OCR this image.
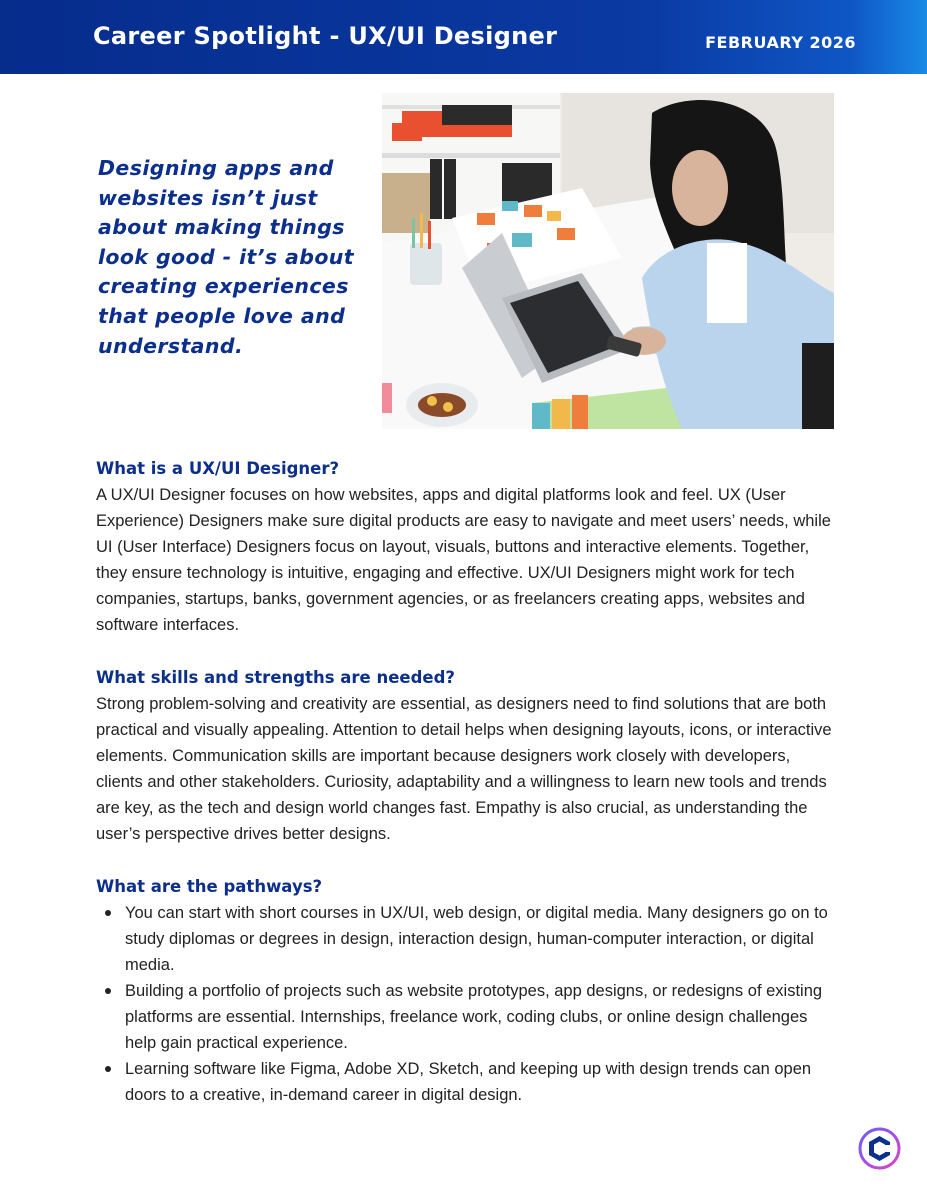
Career Spotlight - UX/UI Designer	FEBRUARY 2026
Designing apps and websites isn’t just about making things look good - it’s about creating experiences that people love and understand.
What is a UX/UI Designer?

A UX/UI Designer focuses on how websites, apps and digital platforms look and feel. UX (User Experience) Designers make sure digital products are easy to navigate and meet users’ needs, while UI (User Interface) Designers focus on layout, visuals, buttons and interactive elements. Together, they ensure technology is intuitive, engaging and effective. UX/UI Designers might work for tech companies, startups, banks, government agencies, or as freelancers creating apps, websites and software interfaces.

What skills and strengths are needed?

Strong problem-solving and creativity are essential, as designers need to find solutions that are both practical and visually appealing. Attention to detail helps when designing layouts, icons, or interactive elements. Communication skills are important because designers work closely with developers, clients and other stakeholders. Curiosity, adaptability and a willingness to learn new tools and trends are key, as the tech and design world changes fast. Empathy is also crucial, as understanding the user’s perspective drives better designs.

What are the pathways?
You can start with short courses in UX/UI, web design, or digital media. Many designers go on to study diplomas or degrees in design, interaction design, human-computer interaction, or digital media.
Building a portfolio of projects such as website prototypes, app designs, or redesigns of existing platforms are essential. Internships, freelance work, coding clubs, or online design challenges help gain practical experience.
Learning software like Figma, Adobe XD, Sketch, and keeping up with design trends can open doors to a creative, in-demand career in digital design.
